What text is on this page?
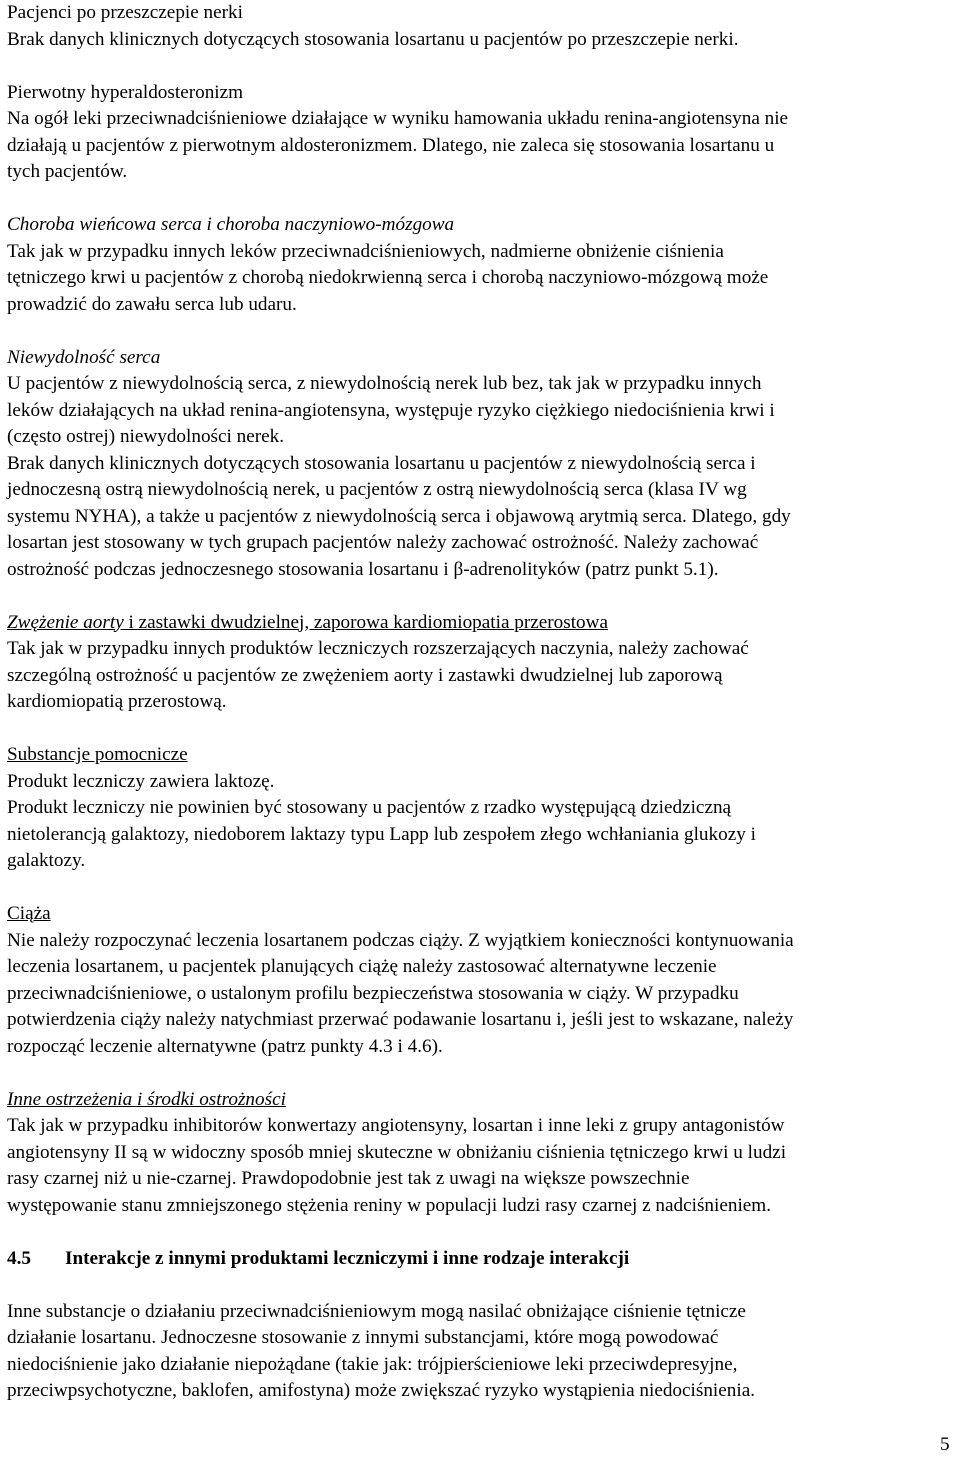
Pacjenci po przeszczepie nerki
Brak danych klinicznych dotyczących stosowania losartanu u pacjentów po przeszczepie nerki.
Pierwotny hyperaldosteronizm
Na ogół leki przeciwnadciśnieniowe działające w wyniku hamowania układu renina-angiotensyna nie
działają u pacjentów z pierwotnym aldosteronizmem. Dlatego, nie zaleca się stosowania losartanu u
tych pacjentów.
Choroba wieńcowa serca i choroba naczyniowo-mózgowa
Tak jak w przypadku innych leków przeciwnadciśnieniowych, nadmierne obniżenie ciśnienia
tętniczego krwi u pacjentów z chorobą niedokrwienną serca i chorobą naczyniowo-mózgową może
prowadzić do zawału serca lub udaru.
Niewydolność serca
U pacjentów z niewydolnością serca, z niewydolnością nerek lub bez, tak jak w przypadku innych
leków działających na układ renina-angiotensyna, występuje ryzyko ciężkiego niedociśnienia krwi i
(często ostrej) niewydolności nerek.
Brak danych klinicznych dotyczących stosowania losartanu u pacjentów z niewydolnością serca i
jednoczesną ostrą niewydolnością nerek, u pacjentów z ostrą niewydolnością serca (klasa IV wg
systemu NYHA), a także u pacjentów z niewydolnością serca i objawową arytmią serca. Dlatego, gdy
losartan jest stosowany w tych grupach pacjentów należy zachować ostrożność. Należy zachować
ostrożność podczas jednoczesnego stosowania losartanu i β-adrenolityków (patrz punkt 5.1).
Zwężenie aorty i zastawki dwudzielnej, zaporowa kardiomiopatia przerostowa
Tak jak w przypadku innych produktów leczniczych rozszerzających naczynia, należy zachować
szczególną ostrożność u pacjentów ze zwężeniem aorty i zastawki dwudzielnej lub zaporową
kardiomiopatią przerostową.
Substancje pomocnicze
Produkt leczniczy zawiera laktozę.
Produkt leczniczy nie powinien być stosowany u pacjentów z rzadko występującą dziedziczną
nietolerancją galaktozy, niedoborem laktazy typu Lapp lub zespołem złego wchłaniania glukozy i
galaktozy.
Ciąża
Nie należy rozpoczynać leczenia losartanem podczas ciąży. Z wyjątkiem konieczności kontynuowania
leczenia losartanem, u pacjentek planujących ciążę należy zastosować alternatywne leczenie
przeciwnadciśnieniowe, o ustalonym profilu bezpieczeństwa stosowania w ciąży. W przypadku
potwierdzenia ciąży należy natychmiast przerwać podawanie losartanu i, jeśli jest to wskazane, należy
rozpocząć leczenie alternatywne (patrz punkty 4.3 i 4.6).
Inne ostrzeżenia i środki ostrożności
Tak jak w przypadku inhibitorów konwertazy angiotensyny, losartan i inne leki z grupy antagonistów
angiotensyny II są w widoczny sposób mniej skuteczne w obniżaniu ciśnienia tętniczego krwi u ludzi
rasy czarnej niż u nie-czarnej. Prawdopodobnie jest tak z uwagi na większe powszechnie
występowanie stanu zmniejszonego stężenia reniny w populacji ludzi rasy czarnej z nadciśnieniem.
4.5 Interakcje z innymi produktami leczniczymi i inne rodzaje interakcji
Inne substancje o działaniu przeciwnadciśnieniowym mogą nasilać obniżające ciśnienie tętnicze
działanie losartanu. Jednoczesne stosowanie z innymi substancjami, które mogą powodować
niedociśnienie jako działanie niepożądane (takie jak: trójpierścieniowe leki przeciwdepresyjne,
przeciwpsychotyczne, baklofen, amifostyna) może zwiększać ryzyko wystąpienia niedociśnienia.
5
